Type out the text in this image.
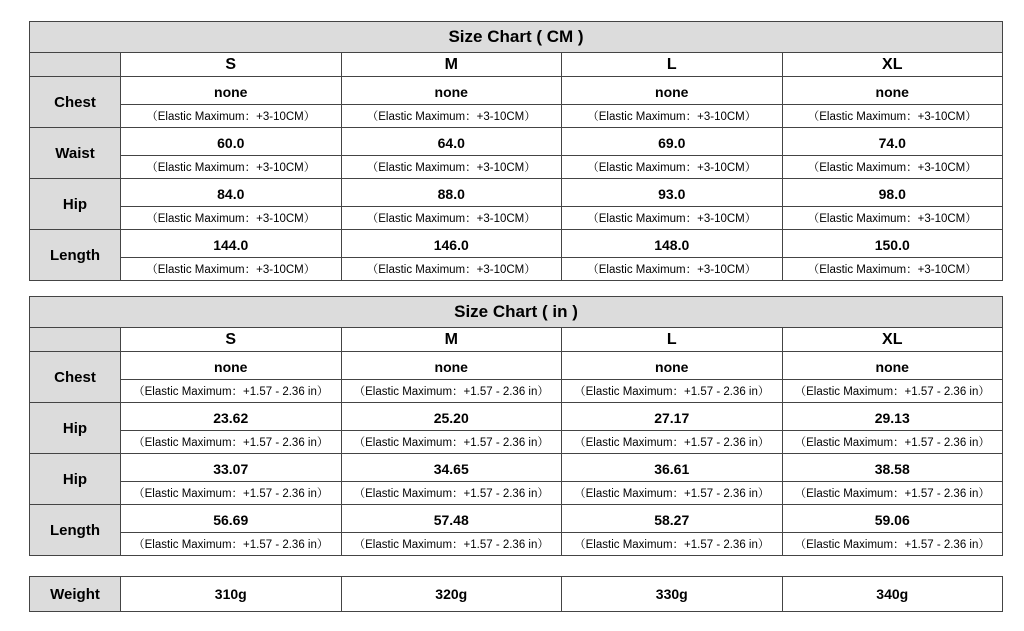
Size Chart ( CM )				
	S	M	L	XL
Chest	none	none	none	none
	（Elastic Maximum：+3-10CM）	（Elastic Maximum：+3-10CM）	（Elastic Maximum：+3-10CM）	（Elastic Maximum：+3-10CM）
Waist	60.0	64.0	69.0	74.0
	（Elastic Maximum：+3-10CM）	（Elastic Maximum：+3-10CM）	（Elastic Maximum：+3-10CM）	（Elastic Maximum：+3-10CM）
Hip	84.0	88.0	93.0	98.0
	（Elastic Maximum：+3-10CM）	（Elastic Maximum：+3-10CM）	（Elastic Maximum：+3-10CM）	（Elastic Maximum：+3-10CM）
Length	144.0	146.0	148.0	150.0
	（Elastic Maximum：+3-10CM）	（Elastic Maximum：+3-10CM）	（Elastic Maximum：+3-10CM）	（Elastic Maximum：+3-10CM）
Size Chart ( in )				
	S	M	L	XL
Chest	none	none	none	none
	（Elastic Maximum：+1.57 - 2.36 in）	（Elastic Maximum：+1.57 - 2.36 in）	（Elastic Maximum：+1.57 - 2.36 in）	（Elastic Maximum：+1.57 - 2.36 in）
Hip	23.62	25.20	27.17	29.13
	（Elastic Maximum：+1.57 - 2.36 in）	（Elastic Maximum：+1.57 - 2.36 in）	（Elastic Maximum：+1.57 - 2.36 in）	（Elastic Maximum：+1.57 - 2.36 in）
Hip	33.07	34.65	36.61	38.58
	（Elastic Maximum：+1.57 - 2.36 in）	（Elastic Maximum：+1.57 - 2.36 in）	（Elastic Maximum：+1.57 - 2.36 in）	（Elastic Maximum：+1.57 - 2.36 in）
Length	56.69	57.48	58.27	59.06
	（Elastic Maximum：+1.57 - 2.36 in）	（Elastic Maximum：+1.57 - 2.36 in）	（Elastic Maximum：+1.57 - 2.36 in）	（Elastic Maximum：+1.57 - 2.36 in）
Weight	310g	320g	330g	340g
